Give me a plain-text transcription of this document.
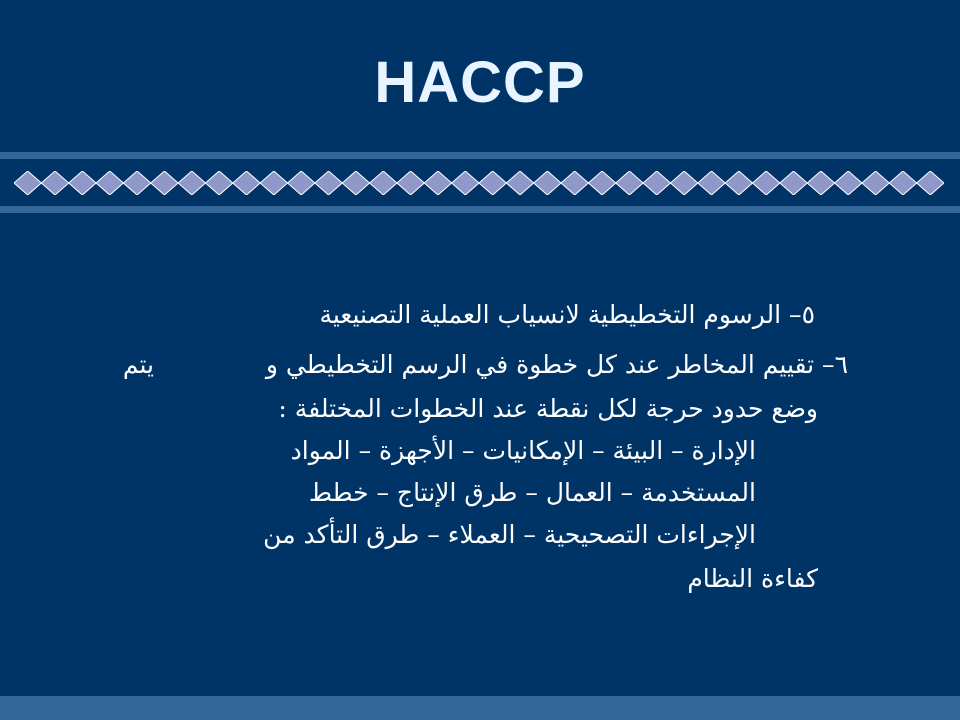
HACCP
٥– الرسوم التخطيطية لانسياب العملية التصنيعية
٦– تقييم المخاطر عند كل خطوة في الرسم التخطيطي و
يتم
وضع حدود حرجة لكل نقطة عند الخطوات المختلفة :
الإدارة – البيئة – الإمكانيات – الأجهزة – المواد
المستخدمة – العمال – طرق الإنتاج – خطط
الإجراءات التصحيحية – العملاء – طرق التأكد من
كفاءة النظام
